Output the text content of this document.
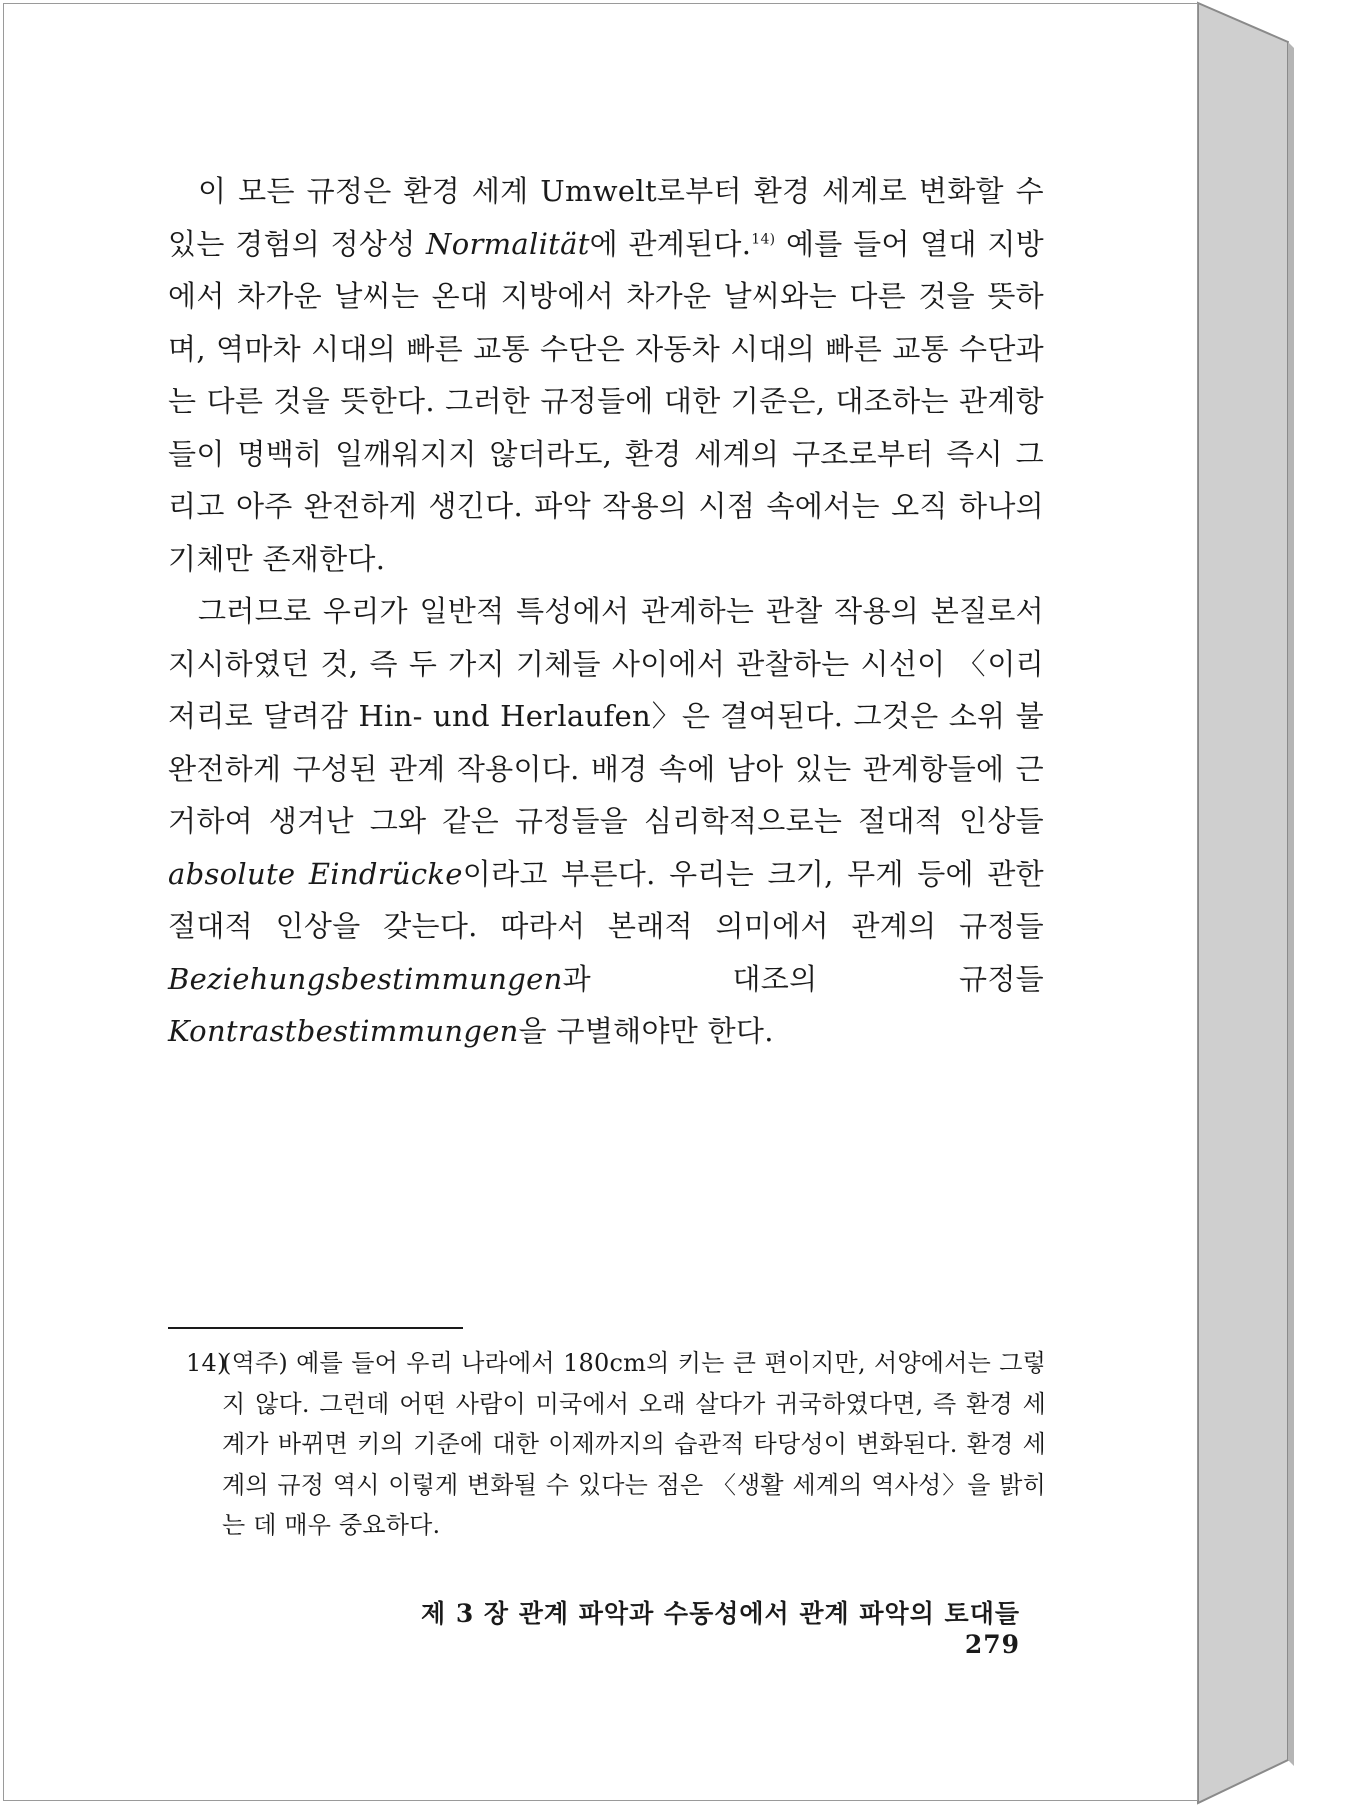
이 모든 규정은 환경 세계 Umwelt로부터 환경 세계로 변화할 수 있는 경험의 정상성 Normalität에 관계된다.$^{14)}$ 예를 들어 열대 지방에서 차가운 날씨는 온대 지방에서 차가운 날씨와는 다른 것을 뜻하며, 역마차 시대의 빠른 교통 수단은 자동차 시대의 빠른 교통 수단과는 다른 것을 뜻한다. 그러한 규정들에 대한 기준은, 대조하는 관계항들이 명백히 일깨워지지 않더라도, 환경 세계의 구조로부터 즉시 그리고 아주 완전하게 생긴다. 파악 작용의 시점 속에서는 오직 하나의 기체만 존재한다.

그러므로 우리가 일반적 특성에서 관계하는 관찰 작용의 본질로서 지시하였던 것, 즉 두 가지 기체들 사이에서 관찰하는 시선이 〈이리저리로 달려감 Hin- und Herlaufen〉은 결여된다. 그것은 소위 불완전하게 구성된 관계 작용이다. 배경 속에 남아 있는 관계항들에 근거하여 생겨난 그와 같은 규정들을 심리학적으로는 절대적 인상들 absolute Eindrücke이라고 부른다. 우리는 크기, 무게 등에 관한 절대적 인상을 갖는다. 따라서 본래적 의미에서 관계의 규정들 Beziehungsbestimmungen과 대조의 규정들 Kontrastbestimmungen을 구별해야만 한다.

14)
(역주) 예를 들어 우리 나라에서 180cm의 키는 큰 편이지만, 서양에서는 그렇지 않다. 그런데 어떤 사람이 미국에서 오래 살다가 귀국하였다면, 즉 환경 세계가 바뀌면 키의 기준에 대한 이제까지의 습관적 타당성이 변화된다. 환경 세계의 규정 역시 이렇게 변화될 수 있다는 점은 〈생활 세계의 역사성〉을 밝히는 데 매우 중요하다.
제 3 장 관계 파악과 수동성에서 관계 파악의 토대들279
